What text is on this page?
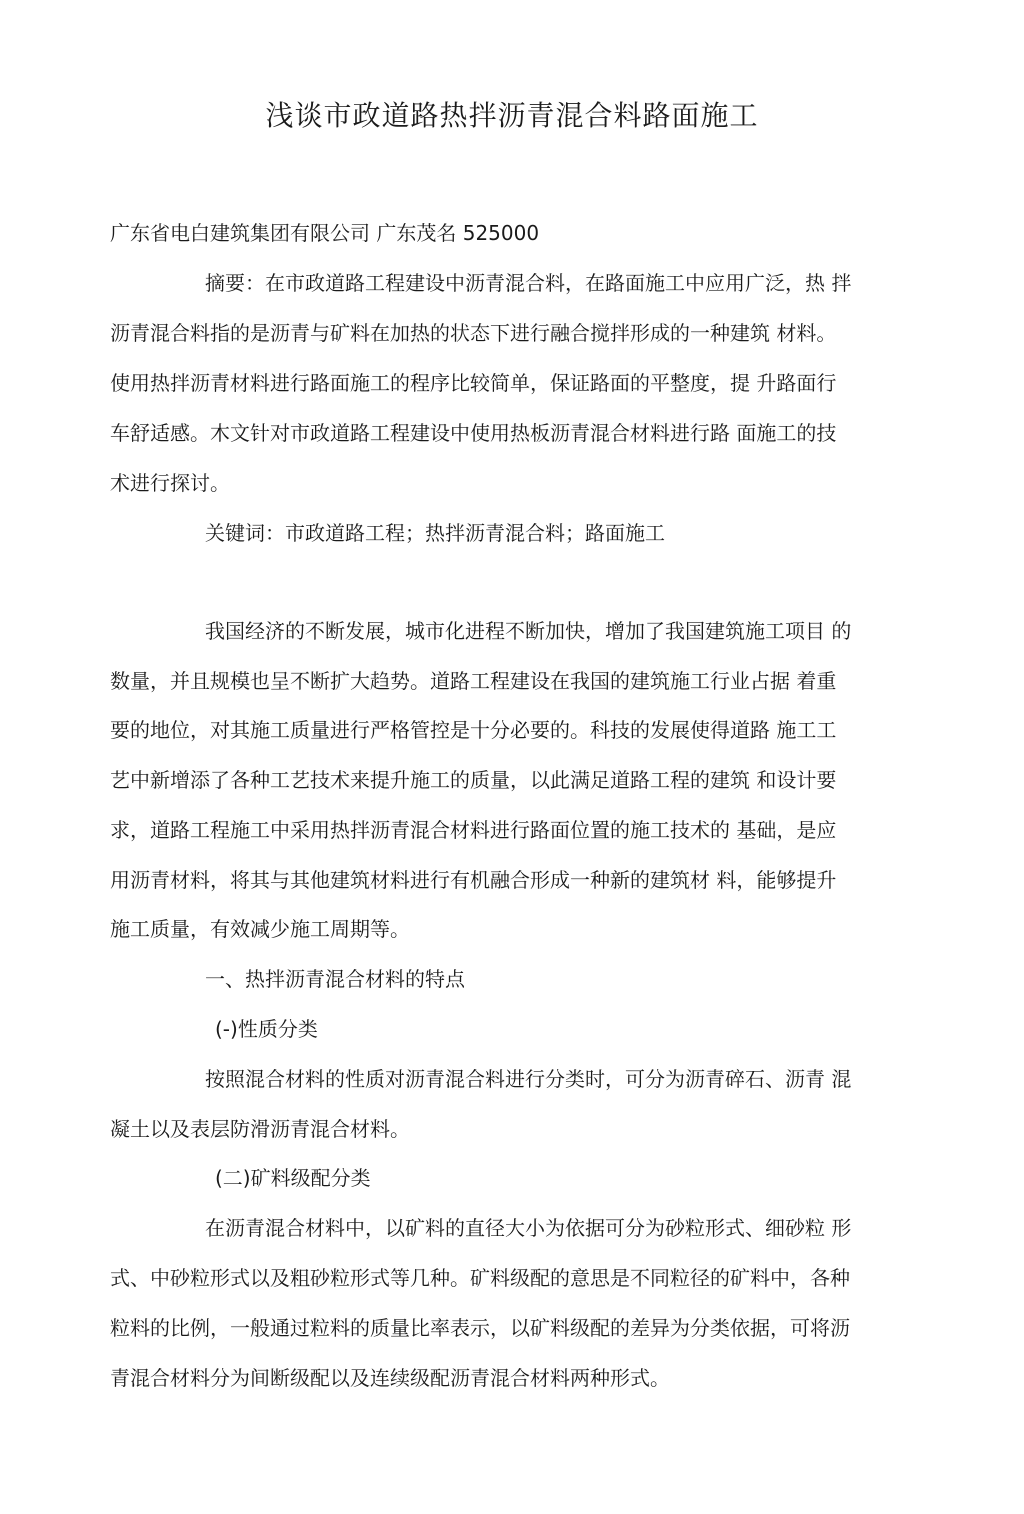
浅谈市政道路热拌沥青混合料路面施工
广东省电白建筑集团有限公司 广东茂名 525000
摘要：在市政道路工程建设中沥青混合料，在路面施工中应用广泛，热 拌
沥青混合料指的是沥青与矿料在加热的状态下进行融合搅拌形成的一种建筑 材料。
使用热拌沥青材料进行路面施工的程序比较简单，保证路面的平整度，提 升路面行
车舒适感。木文针对市政道路工程建设中使用热板沥青混合材料进行路 面施工的技
术进行探讨。
关键词：市政道路工程；热拌沥青混合料；路面施工
我国经济的不断发展，城市化进程不断加快，增加了我国建筑施工项目 的
数量，并且规模也呈不断扩大趋势。道路工程建设在我国的建筑施工行业占据 着重
要的地位，对其施工质量进行严格管控是十分必要的。科技的发展使得道路 施工工
艺中新增添了各种工艺技术来提升施工的质量，以此满足道路工程的建筑 和设计要
求，道路工程施工中采用热拌沥青混合材料进行路面位置的施工技术的 基础，是应
用沥青材料，将其与其他建筑材料进行有机融合形成一种新的建筑材 料，能够提升
施工质量，有效减少施工周期等。
一、热拌沥青混合材料的特点
(-)性质分类
按照混合材料的性质对沥青混合料进行分类时，可分为沥青碎石、沥青 混
凝土以及表层防滑沥青混合材料。
(二)矿料级配分类
在沥青混合材料中，以矿料的直径大小为依据可分为砂粒形式、细砂粒 形
式、中砂粒形式以及粗砂粒形式等几种。矿料级配的意思是不同粒径的矿料中，各种
粒料的比例，一般通过粒料的质量比率表示，以矿料级配的差异为分类依据，可将沥
青混合材料分为间断级配以及连续级配沥青混合材料两种形式。
